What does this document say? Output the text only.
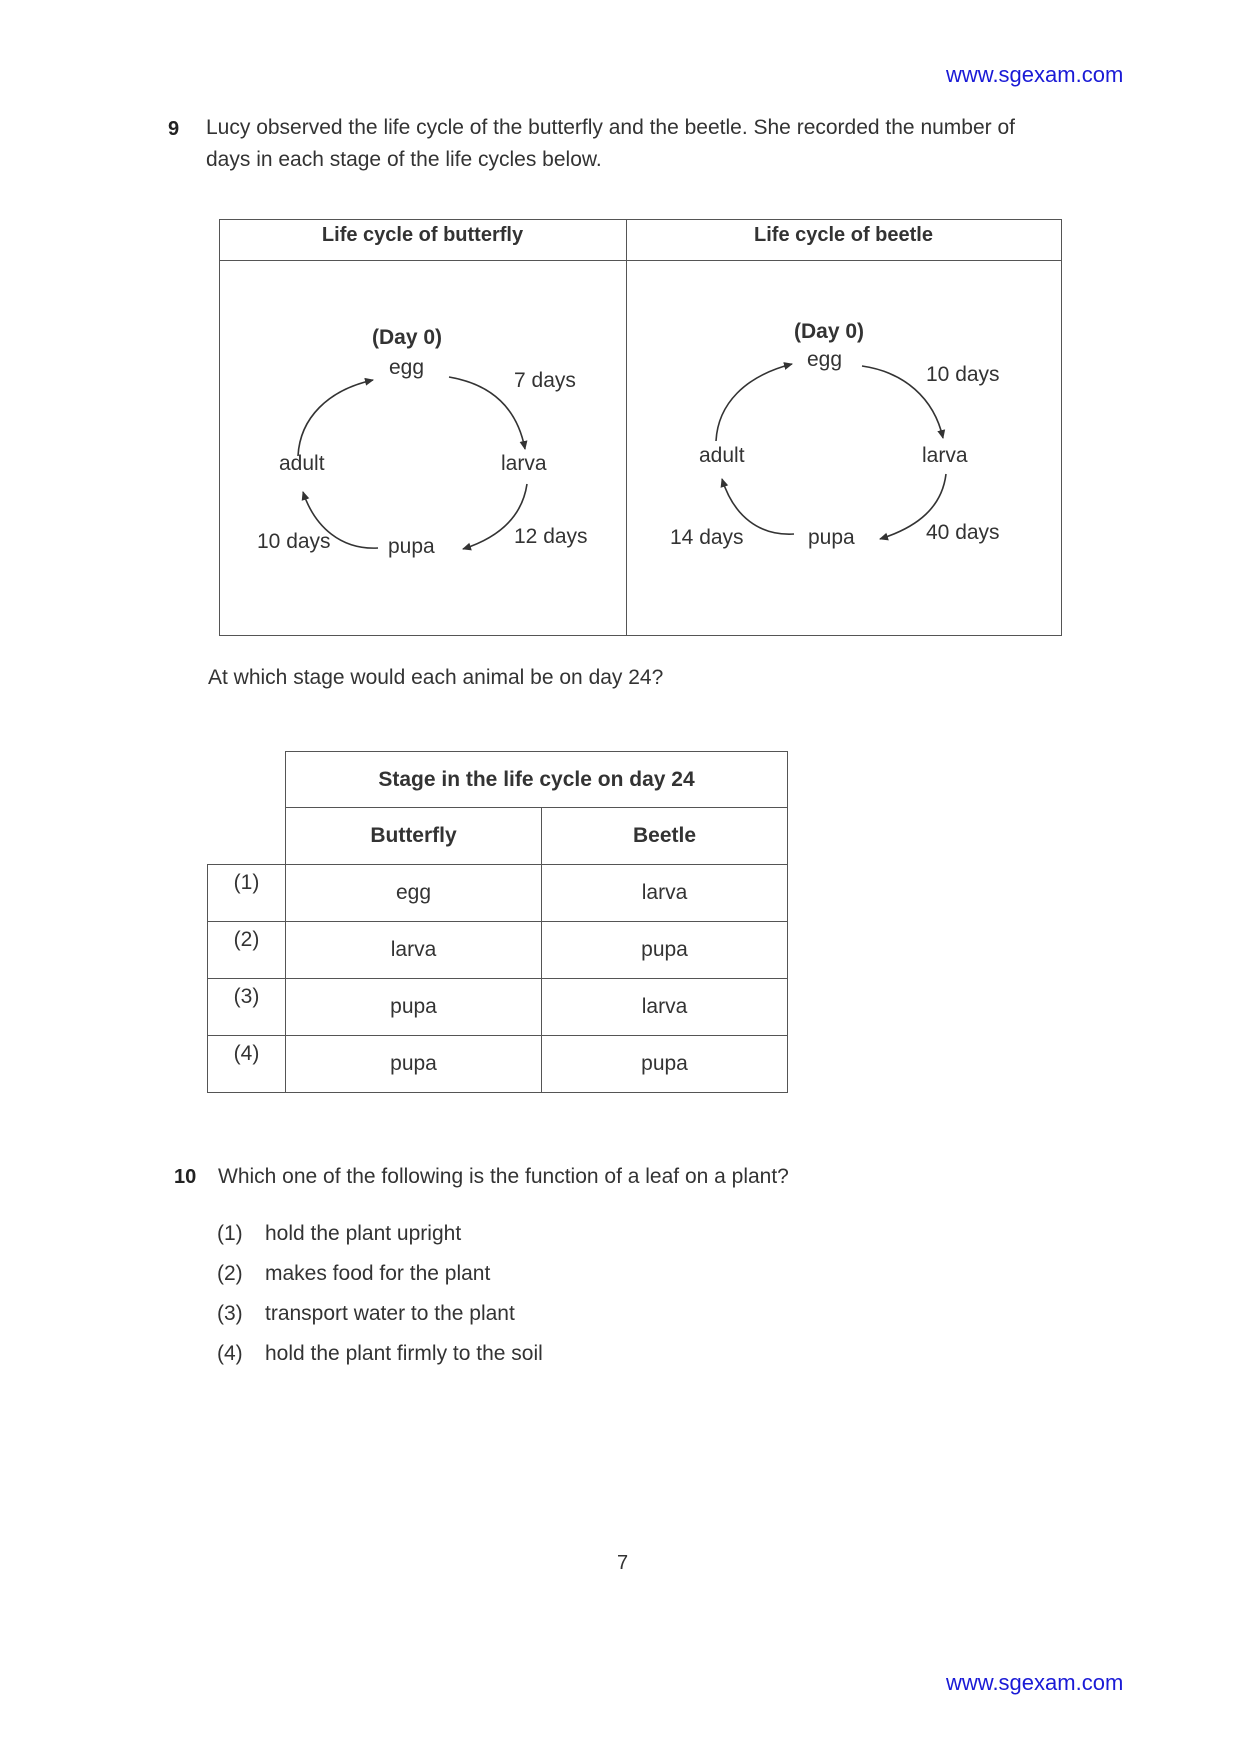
www.sgexam.com
9 Lucy observed the life cycle of the butterfly and the beetle. She recorded the number of
days in each stage of the life cycles below.
Life cycle of butterfly	Life cycle of beetle
(Day 0)
egg
7 days
larva
12 days
pupa
10 days
adult
(Day 0)
egg
10 days
larva
40 days
pupa
14 days
adult
At which stage would each animal be on day 24?
	Stage in the life cycle on day 24	
	Butterfly	Beetle
(1)	egg	larva
(2)	larva	pupa
(3)	pupa	larva
(4)	pupa	pupa
10 Which one of the following is the function of a leaf on a plant?
(1) hold the plant upright
(2) makes food for the plant
(3) transport water to the plant
(4) hold the plant firmly to the soil
7
www.sgexam.com
